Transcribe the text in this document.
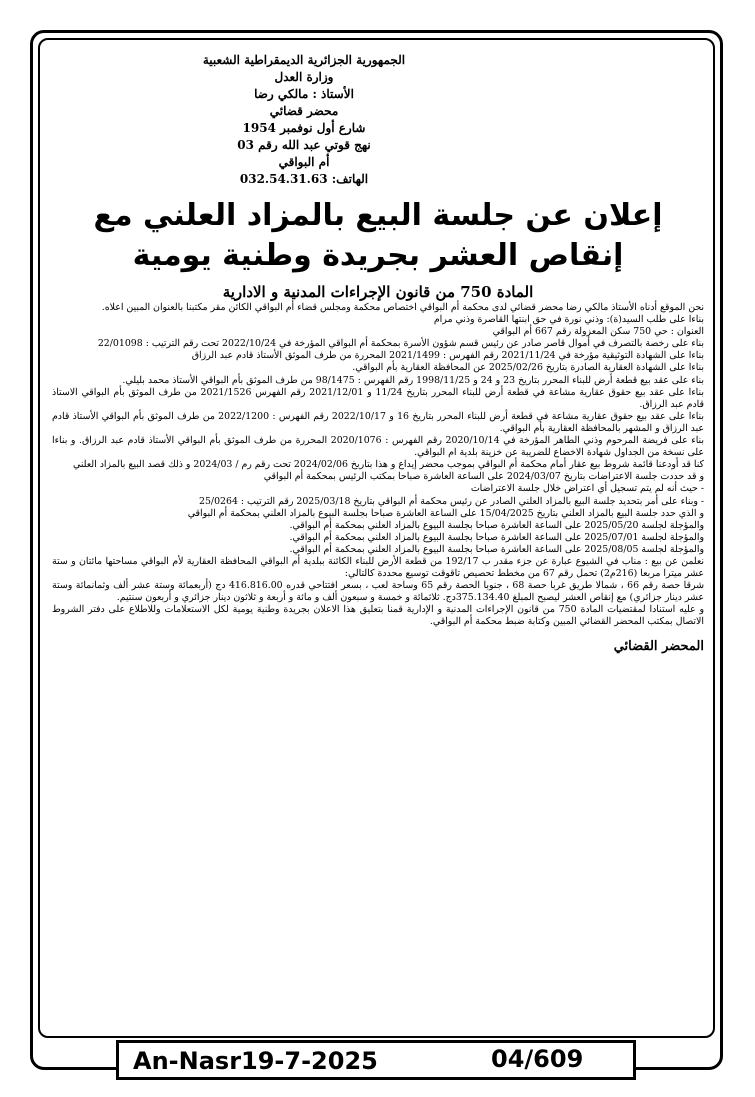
الجمهورية الجزائرية الديمقراطية الشعبية
وزارة العدل
الأستاذ : مالكي رضا
محضر قضائي
شارع أول نوفمبر 1954
نهج قوتي عبد الله رقم 03
أم البواقي
الهاتف: 032.54.31.63
إعلان عن جلسة البيع بالمزاد العلني مع إنقاص العشر بجريدة وطنية يومية
المادة 750 من قانون الإجراءات المدنية و الادارية

نحن الموقع أدناه الأستاذ مالكي رضا محضر قضائي لدى محكمة أم البواقي اختصاص محكمة ومجلس قضاء أم البواقي الكائن مقر مكتبنا بالعنوان المبين اعلاه.

بناءا على طلب السيد(ة): وذني نورة في حق ابنتها القاصرة وذني مرام

العنوان : حي 750 سكن المعزولة رقم 667 أم البواقي

بناء على رخصة بالتصرف في أموال قاصر صادر عن رئيس قسم شؤون الأسرة بمحكمة أم البواقي المؤرخة في 2022/10/24 تحت رقم الترتيب : 22/01098

بناءا على الشهادة التوثيقية مؤرخة في 2021/11/24 رقم الفهرس : 2021/1499 المحررة من طرف الموثق الأستاذ قادم عبد الرزاق

بناءا على الشهادة العقارية الصادرة بتاريخ 2025/02/26 عن المحافظة العقارية بأم البواقي.

بناء على عقد بيع قطعة أرض للبناء المحرر بتاريخ 23 و 24 و 1998/11/25 رقم الفهرس : 98/1475 من طرف الموثق بأم البواقي الأستاذ محمد بليلي.

بناءا على عقد بيع حقوق عقارية مشاعة في قطعة أرض للبناء المحرر بتاريخ 11/24 و 2021/12/01 رقم الفهرس 2021/1526 من طرف الموثق بأم البواقي الاستاذ قادم عبد الرزاق.

بناءا على عقد بيع حقوق عقارية مشاعة في قطعة أرض للبناء المحرر بتاريخ 16 و 2022/10/17 رقم الفهرس : 2022/1200 من طرف الموثق بأم البواقي الأستاذ قادم عبد الرزاق و المشهر بالمحافظة العقارية بأم البواقي.

بناء على فريضة المرحوم وذني الطاهر المؤرخة في 2020/10/14 رقم الفهرس : 2020/1076 المحررة من طرف الموثق بأم البواقي الأستاذ قادم عبد الرزاق. و بناءا على نسخة من الجداول شهادة الاخضاع للضريبة عن خزينة بلدية ام البواقي.

كنا قد أودعنا قائمة شروط بيع عقار أمام محكمة أم البواقي بموجب محضر إيداع و هذا بتاريخ 2024/02/06 تحت رقم رم / 2024/03 و ذلك قصد البيع بالمزاد العلني

و قد حددت جلسة الاعتراضات بتاريخ 2024/03/07 على الساعة العاشرة صباحا بمكتب الرئيس بمحكمة أم البواقي

- حيث أنه لم يتم تسجيل أي اعتراض خلال جلسة الاعتراضات

- وبناء على أمر بتحديد جلسة البيع بالمزاد العلني الصادر عن رئيس محكمة أم البواقي بتاريخ 2025/03/18 رقم الترتيب : 25/0264

و الذي حدد جلسة البيع بالمزاد العلني بتاريخ 15/04/2025 على الساعة العاشرة صباحا بجلسة البيوع بالمزاد العلني بمحكمة أم البواقي

والمؤجلة لجلسة 2025/05/20 على الساعة العاشرة صباحا بجلسة البيوع بالمزاد العلني بمحكمة أم البواقي.

والمؤجلة لجلسة 2025/07/01 على الساعة العاشرة صباحا بجلسة البيوع بالمزاد العلني بمحكمة أم البواقي.

والمؤجلة لجلسة 2025/08/05 على الساعة العاشرة صباحا بجلسة البيوع بالمزاد العلني بمحكمة أم البواقي.

نعلمن عن بيع : مناب في الشيوع عبارة عن جزء مقدر ب 192/17 من قطعة الأرض للبناء الكائنة ببلدية أم البواقي المحافظة العقارية لأم البواقي مساحتها مائتان و ستة عشر ميترا مربعا (216م2) تحمل رقم 67 من مخطط تحصيص تاقوقت توسيع محددة كالتالي:

شرقا حصة رقم 66 ، شمالا طريق غربا حصة 68 ، جنوبا الحصة رقم 65 وساحة لعب ، بسعر افتتاحي قدره 416.816.00 دج (أربعمائة وستة عشر ألف وثمانمائة وستة عشر دينار جزائري) مع إنقاص العشر ليصبح المبلغ 375.134.40دج. ثلاثمائة و خمسة و سبعون ألف و مائة و أربعة و ثلاثون دينار جزائري و أربعون سنتيم.

و عليه استنادا لمقتضيات المادة 750 من قانون الإجراءات المدنية و الإدارية قمنا بتعليق هذا الاعلان بجريدة وطنية يومية لكل الاستعلامات وللاطلاع على دفتر الشروط الاتصال بمكتب المحضر القضائي المبين وكتابة ضبط محكمة أم البواقي.

المحضر القضائي
An-Nasr19-7-2025	04/609
